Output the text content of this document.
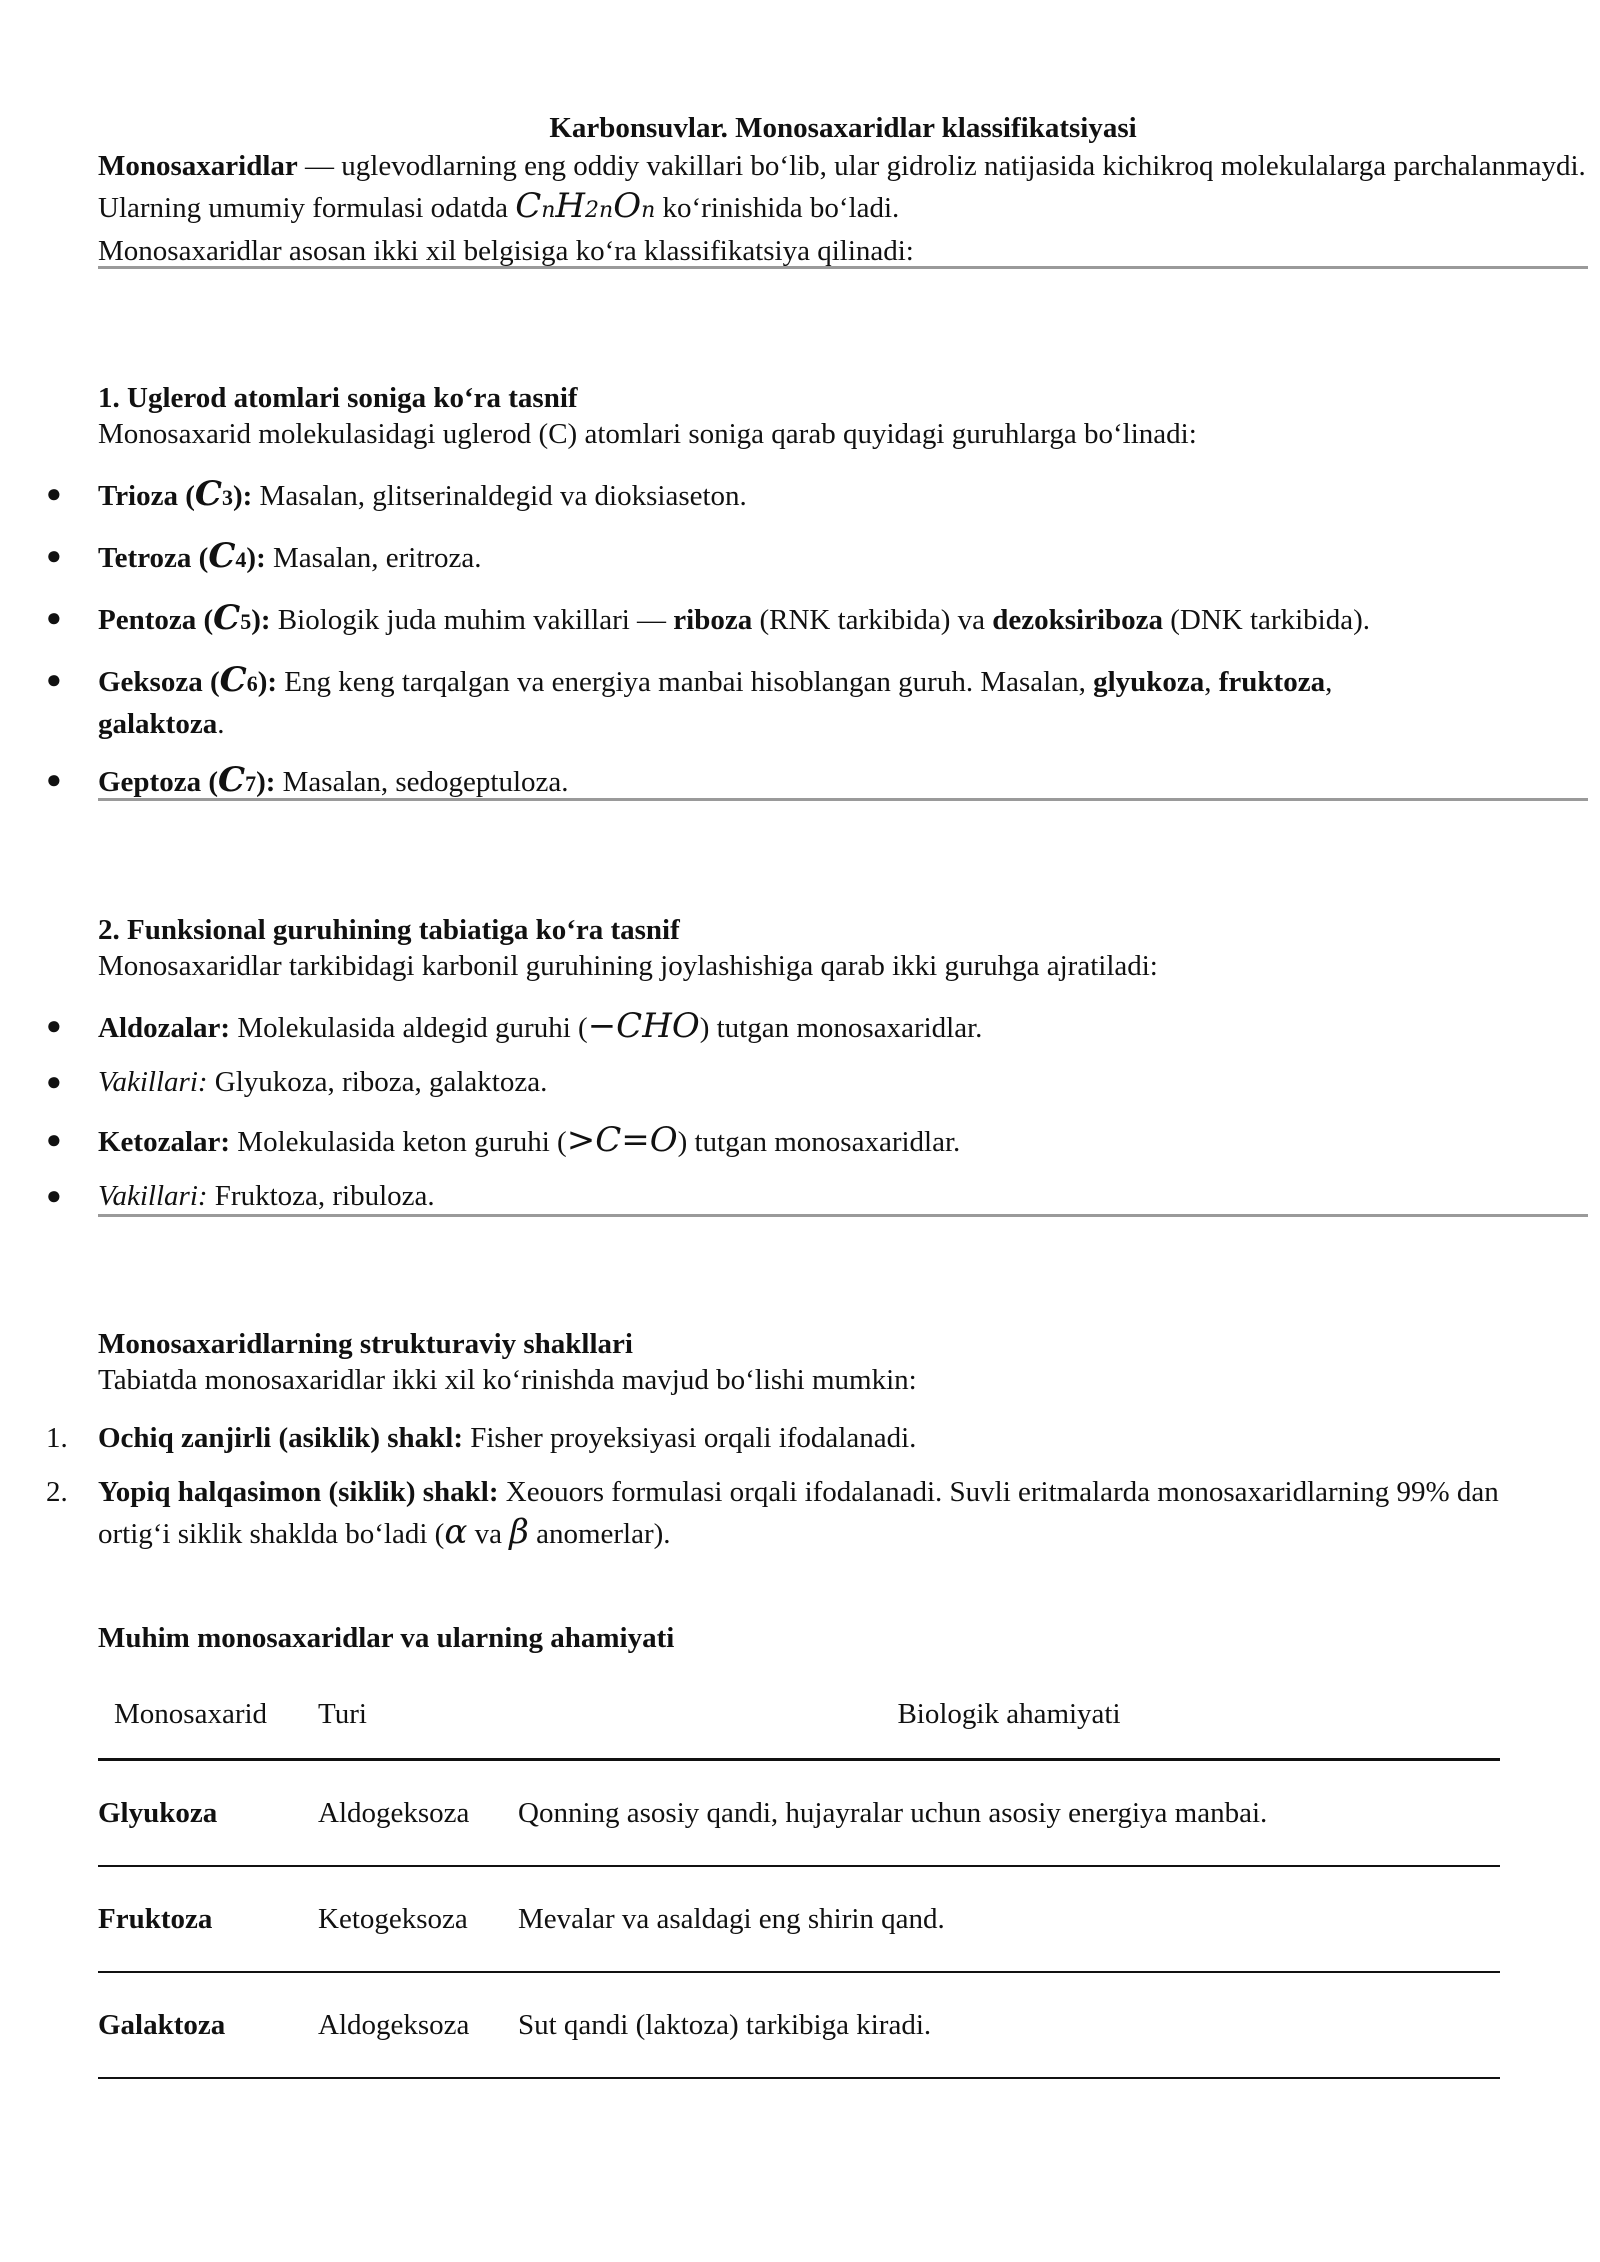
Karbonsuvlar. Monosaxaridlar klassifikatsiyasi

Monosaxaridlar — uglevodlarning eng oddiy vakillari bo‘lib, ular gidroliz natijasida kichikroq molekulalarga parchalanmaydi. Ularning umumiy formulasi odatda CnH2nOn ko‘rinishida bo‘ladi.

Monosaxaridlar asosan ikki xil belgisiga ko‘ra klassifikatsiya qilinadi:

1. Uglerod atomlari soniga ko‘ra tasnif
Monosaxarid molekulasidagi uglerod (C) atomlari soniga qarab quyidagi guruhlarga bo‘linadi:
● Trioza (C3): Masalan, glitserinaldegid va dioksiaseton.
● Tetroza (C4): Masalan, eritroza.
● Pentoza (C5): Biologik juda muhim vakillari — riboza (RNK tarkibida) va dezoksiriboza (DNK tarkibida).
● Geksoza (C6): Eng keng tarqalgan va energiya manbai hisoblangan guruh. Masalan, glyukoza, fruktoza,
galaktoza.
● Geptoza (C7): Masalan, sedogeptuloza.
2. Funksional guruhining tabiatiga ko‘ra tasnif
Monosaxaridlar tarkibidagi karbonil guruhining joylashishiga qarab ikki guruhga ajratiladi:
● Aldozalar: Molekulasida aldegid guruhi (−CHO) tutgan monosaxaridlar.
● Vakillari: Glyukoza, riboza, galaktoza.
● Ketozalar: Molekulasida keton guruhi (>C=O) tutgan monosaxaridlar.
● Vakillari: Fruktoza, ribuloza.
Monosaxaridlarning strukturaviy shakllari
Tabiatda monosaxaridlar ikki xil ko‘rinishda mavjud bo‘lishi mumkin:
1. Ochiq zanjirli (asiklik) shakl: Fisher proyeksiyasi orqali ifodalanadi.
2. Yopiq halqasimon (siklik) shakl: Xeouors formulasi orqali ifodalanadi. Suvli eritmalarda monosaxaridlarning 99% dan ortig‘i siklik shaklda bo‘ladi (α va β anomerlar).
Muhim monosaxaridlar va ularning ahamiyati
Monosaxarid	Turi	Biologik ahamiyati
Glyukoza	Aldogeksoza	Qonning asosiy qandi, hujayralar uchun asosiy energiya manbai.
Fruktoza	Ketogeksoza	Mevalar va asaldagi eng shirin qand.
Galaktoza	Aldogeksoza	Sut qandi (laktoza) tarkibiga kiradi.
